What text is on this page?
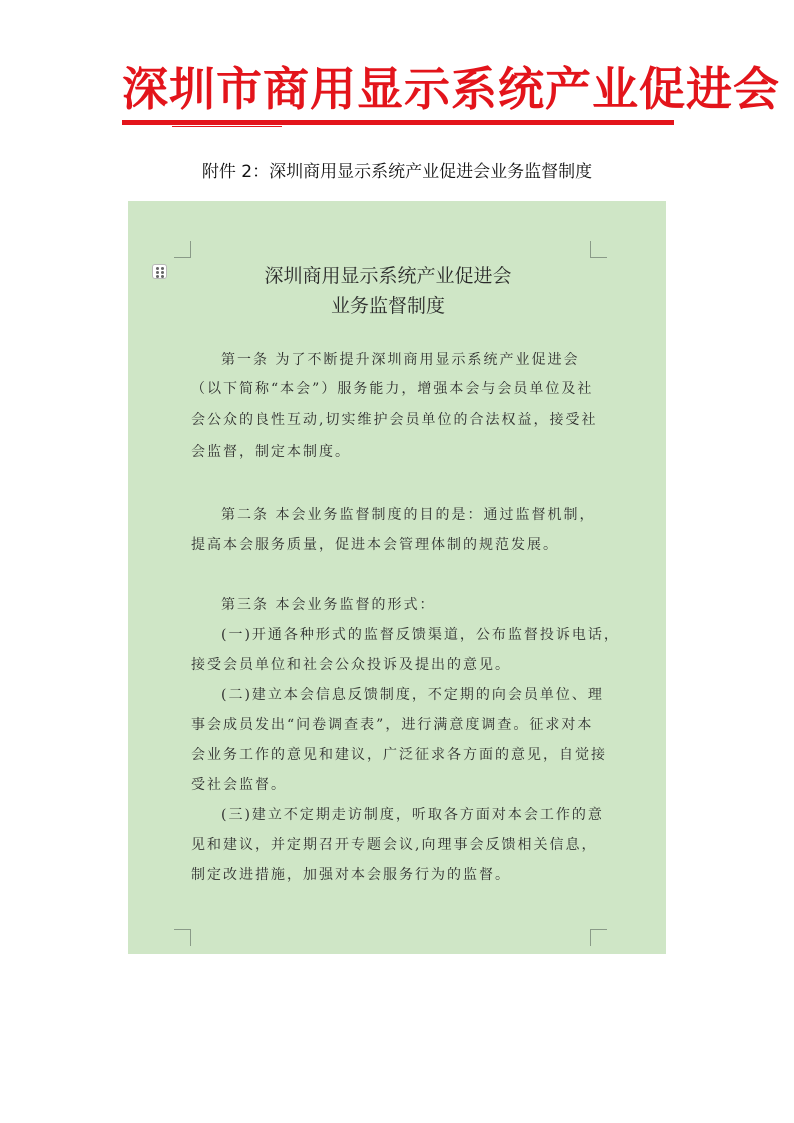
深圳市商用显示系统产业促进会
附件 2：深圳商用显示系统产业促进会业务监督制度
深圳商用显示系统产业促进会
业务监督制度
第一条 为了不断提升深圳商用显示系统产业促进会
（以下简称“本会”）服务能力，增强本会与会员单位及社
会公众的良性互动,切实维护会员单位的合法权益，接受社
会监督，制定本制度。
第二条 本会业务监督制度的目的是：通过监督机制，
提高本会服务质量，促进本会管理体制的规范发展。
第三条 本会业务监督的形式：
(一)开通各种形式的监督反馈渠道，公布监督投诉电话，
接受会员单位和社会公众投诉及提出的意见。
(二)建立本会信息反馈制度，不定期的向会员单位、理
事会成员发出“问卷调查表”，进行满意度调查。征求对本
会业务工作的意见和建议，广泛征求各方面的意见，自觉接
受社会监督。
(三)建立不定期走访制度，听取各方面对本会工作的意
见和建议，并定期召开专题会议,向理事会反馈相关信息，
制定改进措施，加强对本会服务行为的监督。
